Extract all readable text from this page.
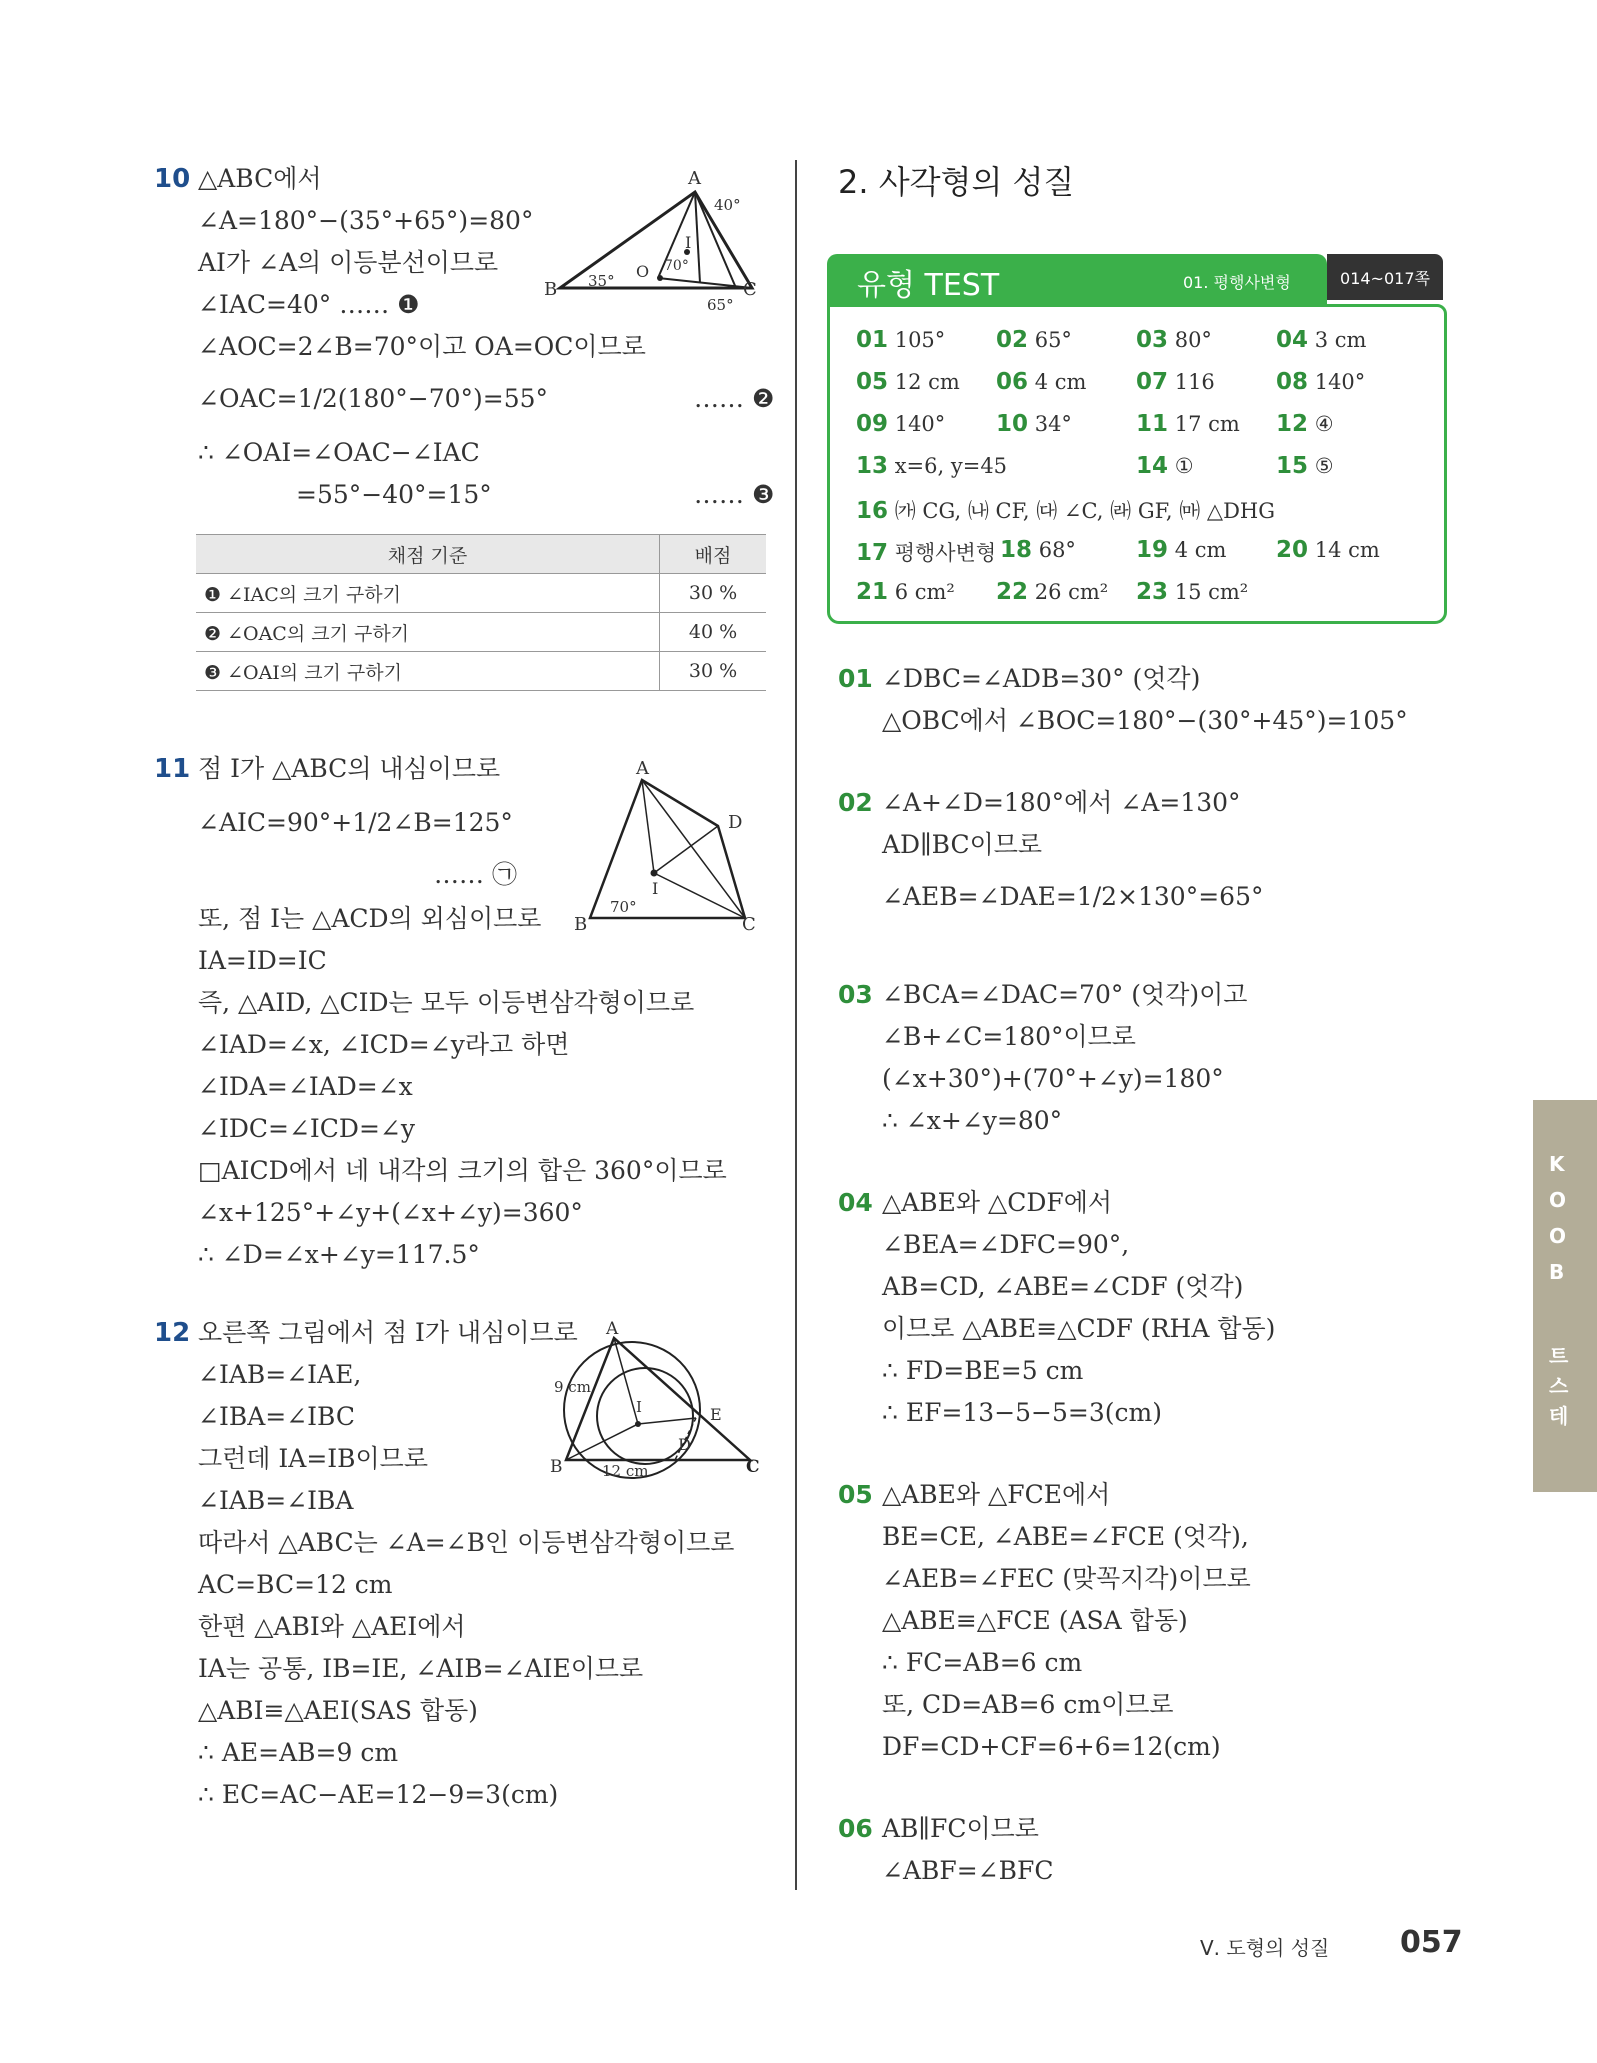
10 △ABC에서
∠A=180°−(35°+65°)=80°
AI가 ∠A의 이등분선이므로
∠IAC=40° …… ❶
∠AOC=2∠B=70°이고 OA=OC이므로
∠OAC=1/2(180°−70°)=55°	…… ❷
∴ ∠OAI=∠OAC−∠IAC
=55°−40°=15°	…… ❸
A
B	C
O
I
40°
35°
70°
65°
채점 기준	배점
❶ ∠IAC의 크기 구하기	30 %
❷ ∠OAC의 크기 구하기	40 %
❸ ∠OAI의 크기 구하기	30 %
11 점 I가 △ABC의 내심이므로
∠AIC=90°+1/2∠B=125°
…… ㉠
또, 점 I는 △ACD의 외심이므로
IA=ID=IC
즉, △AID, △CID는 모두 이등변삼각형이므로
∠IAD=∠x, ∠ICD=∠y라고 하면
∠IDA=∠IAD=∠x
∠IDC=∠ICD=∠y
□AICD에서 네 내각의 크기의 합은 360°이므로
∠x+125°+∠y+(∠x+∠y)=360°
∴ ∠D=∠x+∠y=117.5°
A
B	C
D
I
70°
12 오른쪽 그림에서 점 I가 내심이므로
∠IAB=∠IAE,
∠IBA=∠IBC
그런데 IA=IB이므로
∠IAB=∠IBA
따라서 △ABC는 ∠A=∠B인 이등변삼각형이므로
AC=BC=12 cm
한편 △ABI와 △AEI에서
IA는 공통, IB=IE, ∠AIB=∠AIE이므로
△ABI≡△AEI(SAS 합동)
∴ AE=AB=9 cm
∴ EC=AC−AE=12−9=3(cm)
A
B	C
D
E
I
9 cm
12 cm
2. 사각형의 성질
유형 TEST	01. 평행사변형	014~017쪽
01 105° 02 65°	03 80°	04 3 cm
05 12 cm 06 4 cm 07 116	08 140°
09 140° 10 34°	11 17 cm 12 ④
13 x=6, y=45	14 ①	15 ⑤
16 ㈎ CG, ㈏ CF, ㈐ ∠C, ㈑ GF, ㈒ △DHG
17 평행사변형 18 68°	19 4 cm 20 14 cm
21 6 cm² 22 26 cm² 23 15 cm²
01 ∠DBC=∠ADB=30° (엇각)
△OBC에서 ∠BOC=180°−(30°+45°)=105°
02 ∠A+∠D=180°에서 ∠A=130°
AD∥BC이므로
∠AEB=∠DAE=1/2×130°=65°
03 ∠BCA=∠DAC=70° (엇각)이고
∠B+∠C=180°이므로
(∠x+30°)+(70°+∠y)=180°
∴ ∠x+∠y=80°
04 △ABE와 △CDF에서
∠BEA=∠DFC=90°,
AB=CD, ∠ABE=∠CDF (엇각)
이므로 △ABE≡△CDF (RHA 합동)
∴ FD=BE=5 cm
∴ EF=13−5−5=3(cm)
05 △ABE와 △FCE에서
BE=CE, ∠ABE=∠FCE (엇각),
∠AEB=∠FEC (맞꼭지각)이므로
△ABE≡△FCE (ASA 합동)
∴ FC=AB=6 cm
또, CD=AB=6 cm이므로
DF=CD+CF=6+6=12(cm)
06 AB∥FC이므로
∠ABF=∠BFC
테
스
트
B
O
O
K
Ⅴ. 도형의 성질 057
